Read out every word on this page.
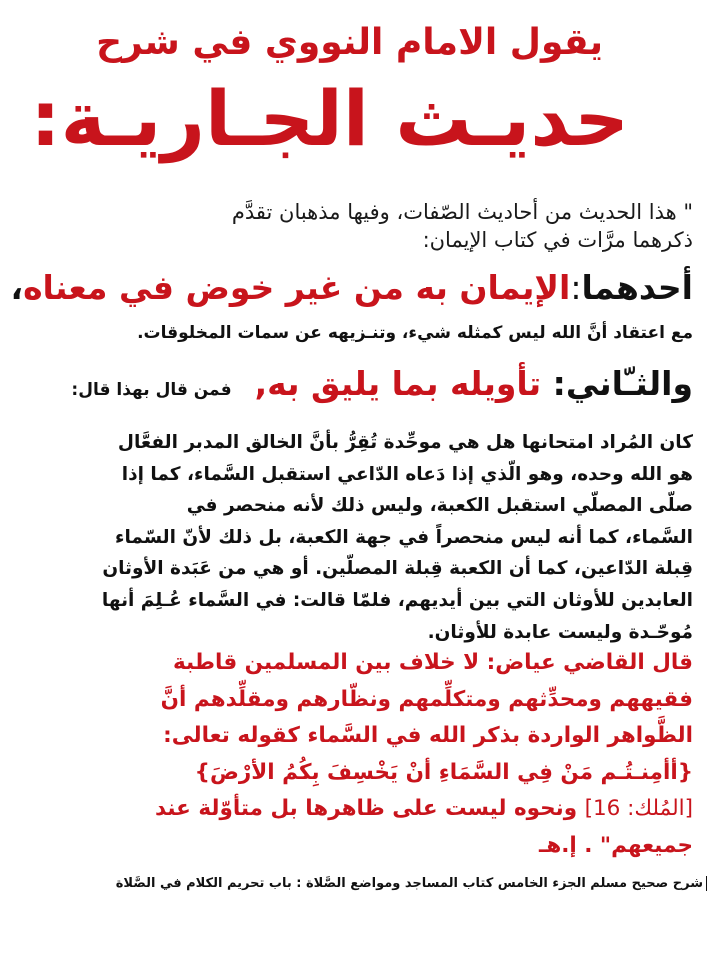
يقول الامام النووي في شرح
حديـث الجـاريـة:
" هذا الحديث من أحاديث الصّفات، وفيها مذهبان تقدَّم
ذكرهما مرَّات في كتاب الإيمان:
أحدهما:الإيمان به من غير خوض في معناه،
مع اعتقاد أنَّ الله ليس كمثله شيء، وتنـزيهه عن سمات المخلوقات.
والثـّاني: تأويله بما يليق به,  فمن قال بهذا قال:
كان المُراد امتحانها هل هي موحِّدة تُقِرُّ بأنَّ الخالق المدبر الفعَّال
هو الله وحده، وهو الّذي إذا دَعاه الدّاعي استقبل السَّماء، كما إذا
صلّى المصلّي استقبل الكعبة، وليس ذلك لأنه منحصر في
السَّماء، كما أنه ليس منحصراً في جهة الكعبة، بل ذلك لأنّ السّماء
قِبلة الدّاعين، كما أن الكعبة قِبلة المصلّين. أو هي من عَبَدة الأوثان
العابدين للأوثان التي بين أيديهم، فلمّا قالت: في السَّماء عُـلِمَ أنها
مُوحّـدة وليست عابدة للأوثان.
قال القاضي عياض: لا خلاف بين المسلمين قاطبة
فقيههم ومحدِّثهم ومتكلِّمهم ونظّارهم ومقلِّدهم أنَّ
الظَّواهر الواردة بذكر الله في السَّماء كقوله تعالى:
{أأمِنـتُـم مَنْ فِي السَّمَاءِ أنْ يَخْسِفَ بِكُمُ الأرْضَ}
[المُلك: 16] ونحوه ليست على ظاهرها بل متأوّلة عند
جميعهم" . إ.هـ
شرح صحيح مسلم الجزء الخامس كتاب المساجد ومواضع الصَّلاة : باب تحريم الكلام في الصَّلاة
